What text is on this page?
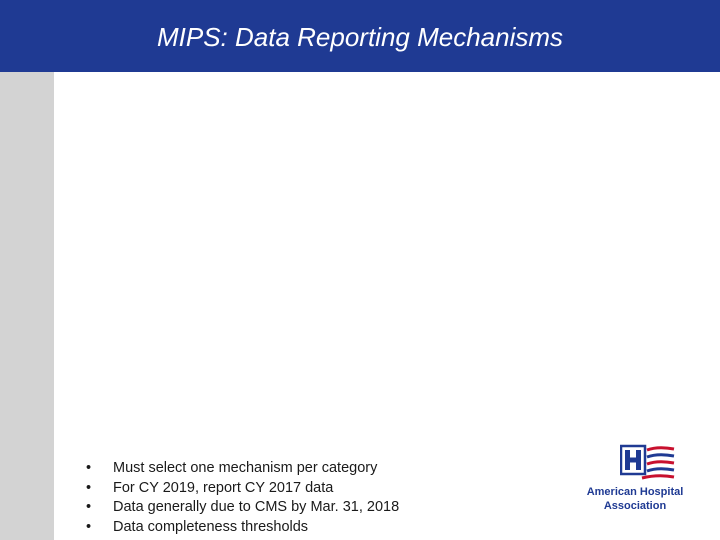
MIPS: Data Reporting Mechanisms
•	Must select one mechanism per category
•	For CY 2019, report CY 2017 data
•	Data generally due to CMS by Mar. 31, 2018
•	Data completeness thresholds
American Hospital
Association
